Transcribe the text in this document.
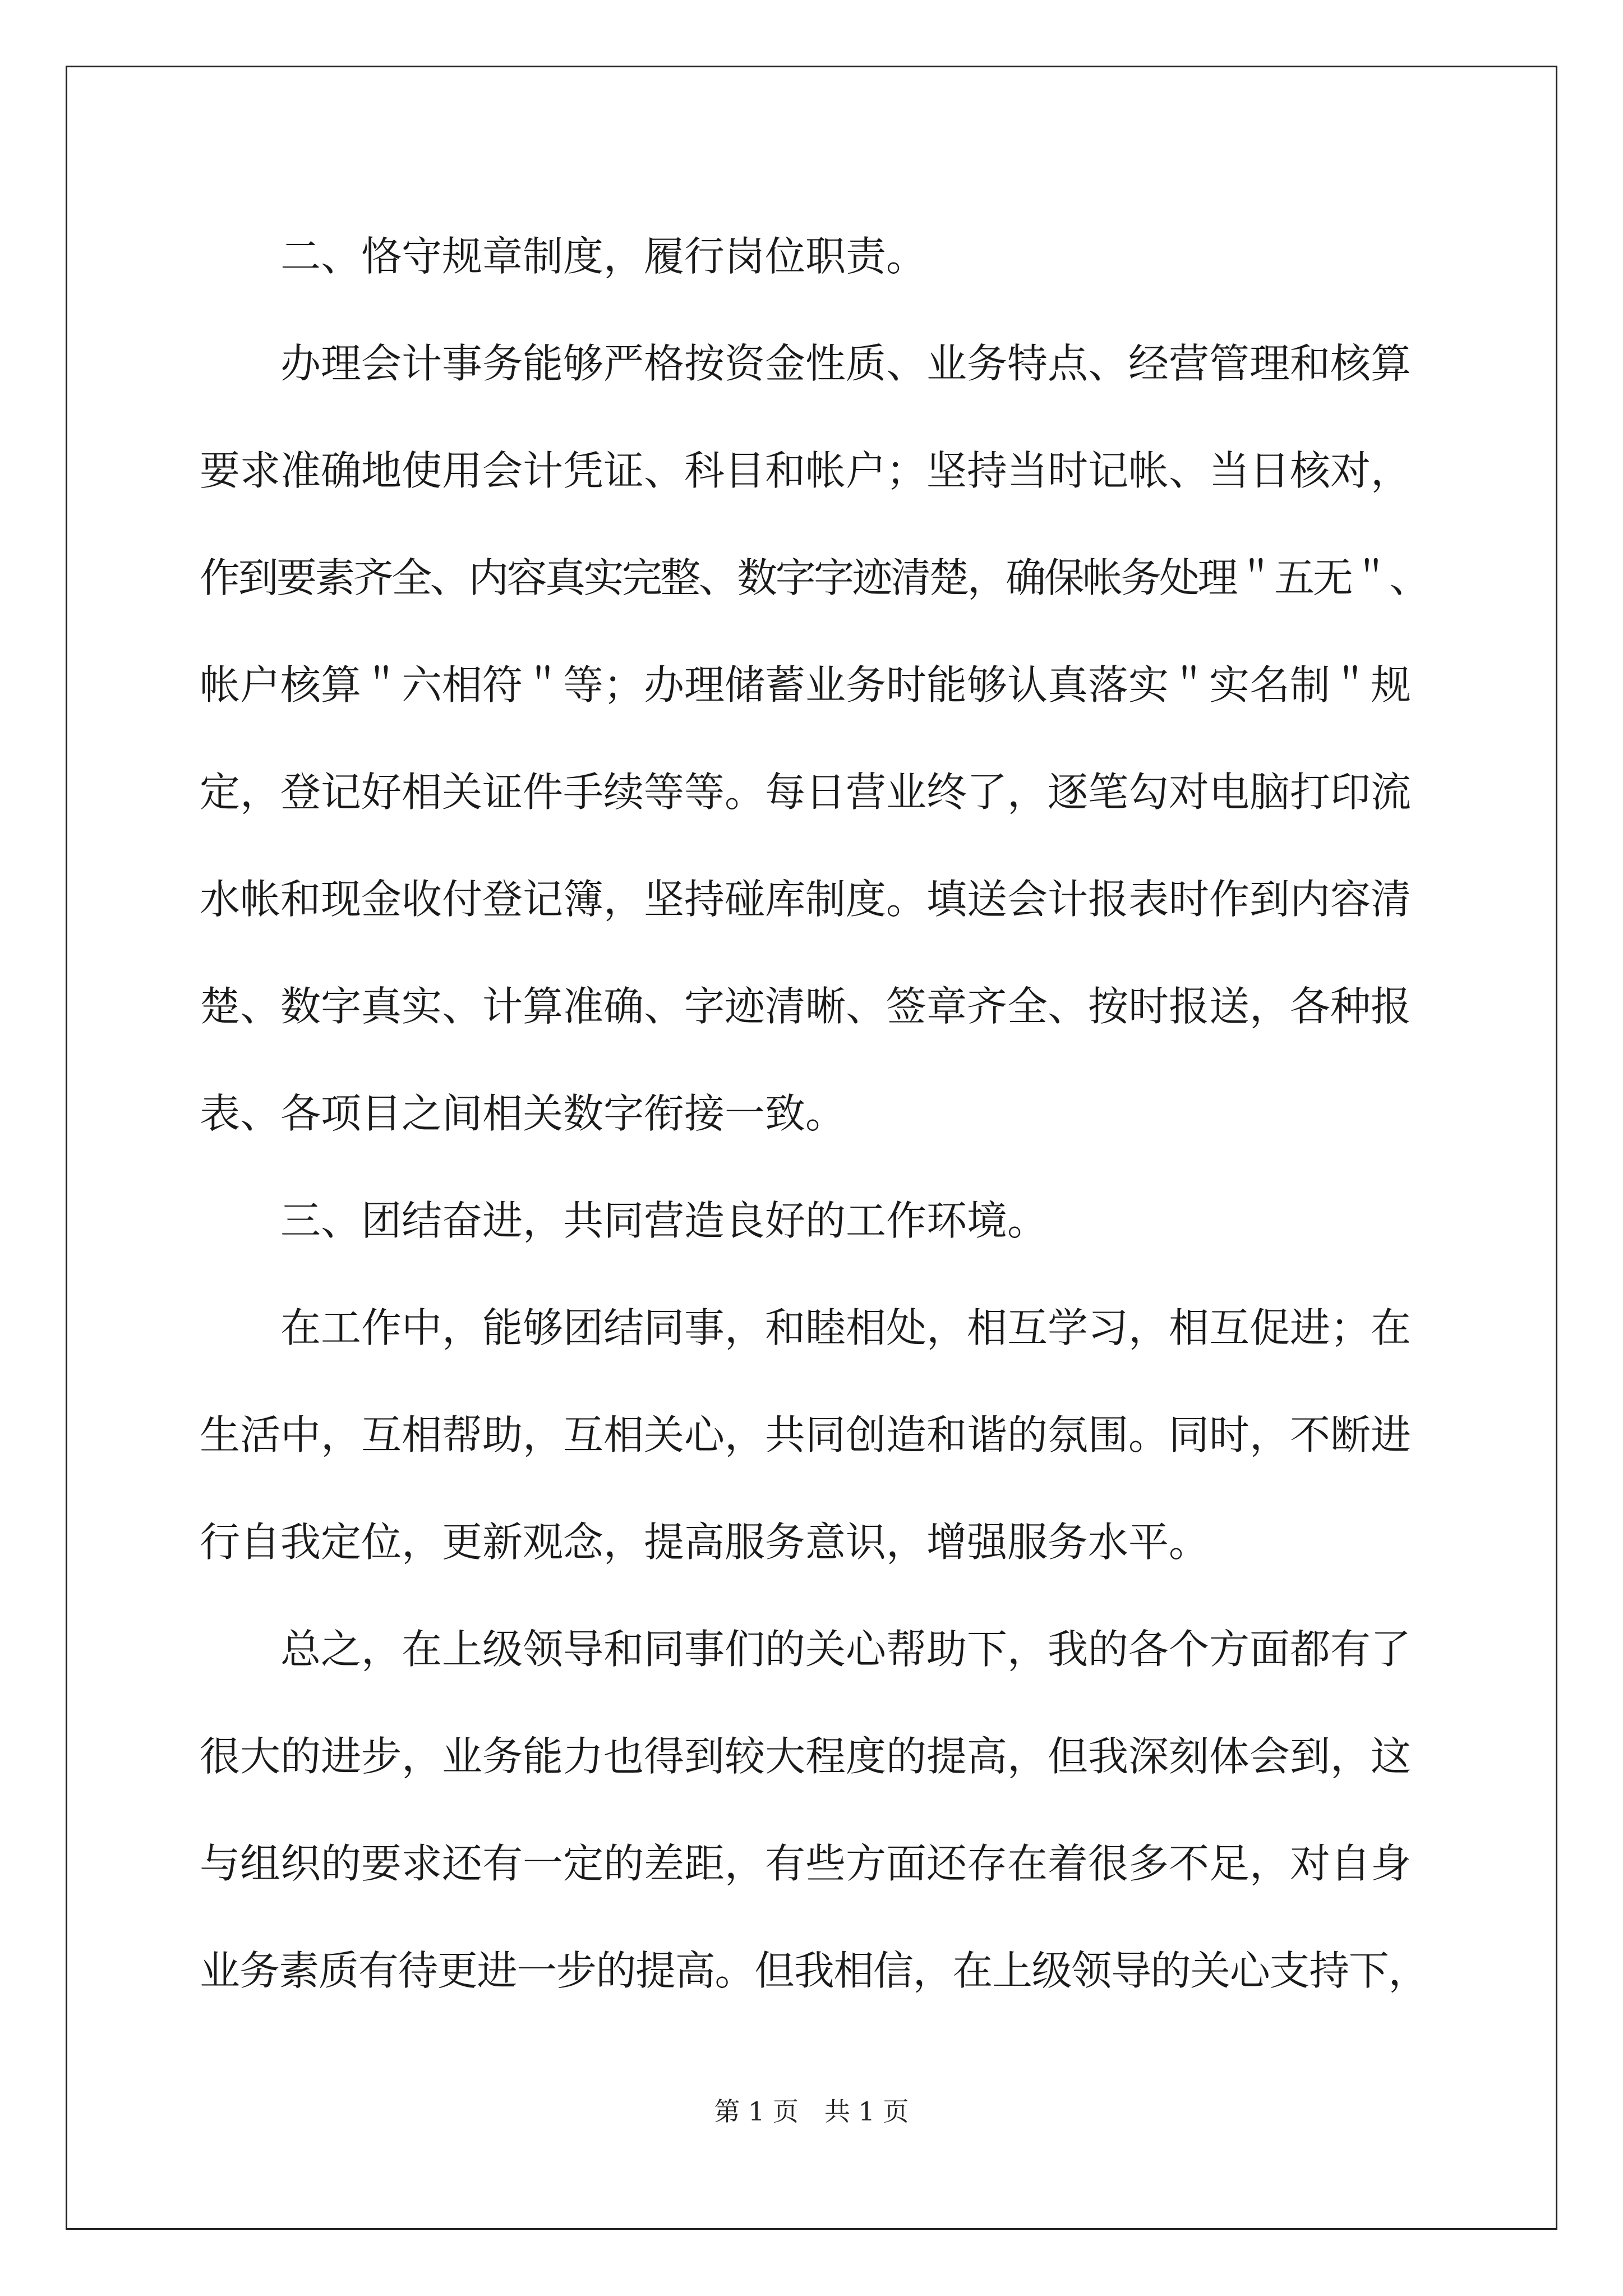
二、恪守规章制度，履行岗位职责。
办理会计事务能够严格按资金性质、业务特点、经营管理和核算
要求准确地使用会计凭证、科目和帐户；坚持当时记帐、当日核对，
作到要素齐全、内容真实完整、数字字迹清楚，确保帐务处理＂五无＂、
帐户核算＂六相符＂等；办理储蓄业务时能够认真落实＂实名制＂规
定，登记好相关证件手续等等。每日营业终了，逐笔勾对电脑打印流
水帐和现金收付登记簿，坚持碰库制度。填送会计报表时作到内容清
楚、数字真实、计算准确、字迹清晰、签章齐全、按时报送，各种报
表、各项目之间相关数字衔接一致。
三、团结奋进，共同营造良好的工作环境。
在工作中，能够团结同事，和睦相处，相互学习，相互促进；在
生活中，互相帮助，互相关心，共同创造和谐的氛围。同时，不断进
行自我定位，更新观念，提高服务意识，增强服务水平。
总之，在上级领导和同事们的关心帮助下，我的各个方面都有了
很大的进步，业务能力也得到较大程度的提高，但我深刻体会到，这
与组织的要求还有一定的差距，有些方面还存在着很多不足，对自身
业务素质有待更进一步的提高。但我相信，在上级领导的关心支持下，
第 1 页 共 1 页
